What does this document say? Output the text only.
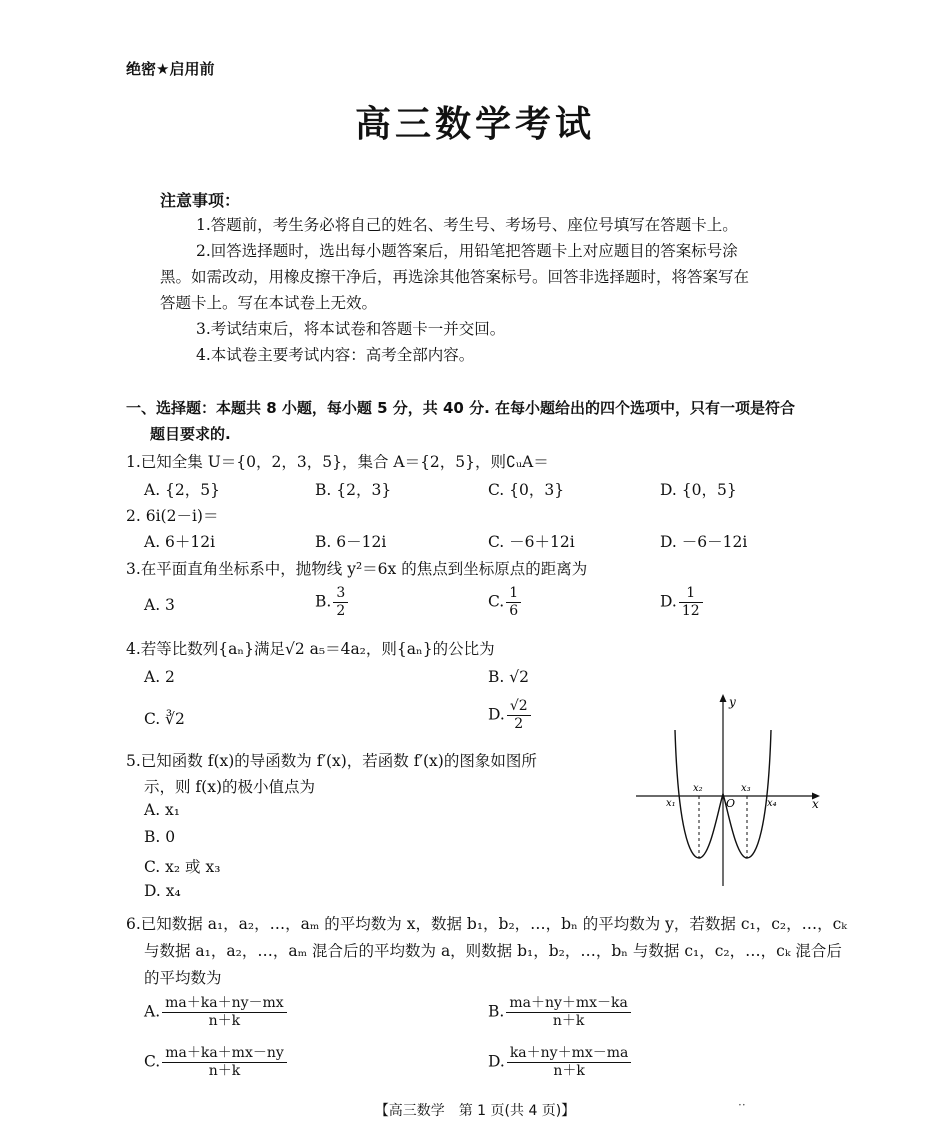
绝密★启用前
高三数学考试
注意事项：
1.答题前，考生务必将自己的姓名、考生号、考场号、座位号填写在答题卡上。
2.回答选择题时，选出每小题答案后，用铅笔把答题卡上对应题目的答案标号涂
黑。如需改动，用橡皮擦干净后，再选涂其他答案标号。回答非选择题时，将答案写在
答题卡上。写在本试卷上无效。
3.考试结束后，将本试卷和答题卡一并交回。
4.本试卷主要考试内容：高考全部内容。
一、选择题：本题共 8 小题，每小题 5 分，共 40 分. 在每小题给出的四个选项中，只有一项是符合
题目要求的.
1.已知全集 U＝{0，2，3，5}，集合 A＝{2，5}，则∁ᵤA＝
A. {2，5}	B. {2，3}	C. {0，3}	D. {0，5}
2. 6i(2－i)＝
A. 6＋12i	B. 6－12i	C. －6＋12i	D. －6－12i
3.在平面直角坐标系中，抛物线 y²＝6x 的焦点到坐标原点的距离为
A. 3	B. $\frac{3}{2}$	C. $\frac{1}{6}$	D. $\frac{1}{12}$
4.若等比数列{aₙ}满足√2 a₅＝4a₂，则{aₙ}的公比为
A. 2	B. √2
C. ∛2	D. $\frac{√2}{2}$
5.已知函数 f(x)的导函数为 f′(x)，若函数 f′(x)的图象如图所
示，则 f(x)的极小值点为
A. x₁
B. 0
C. x₂ 或 x₃
D. x₄
y
x
O
x₁
x₂	x₃
x₄
6.已知数据 a₁，a₂，…，aₘ 的平均数为 x，数据 b₁，b₂，…，bₙ 的平均数为 y，若数据 c₁，c₂，…，cₖ
与数据 a₁，a₂，…，aₘ 混合后的平均数为 a，则数据 b₁，b₂，…，bₙ 与数据 c₁，c₂，…，cₖ 混合后
的平均数为
A. $\frac{ma+ka+ny-mx}{n+k}$	B. $\frac{ma+ny+mx-ka}{n+k}$
C. $\frac{ma+ka+mx-ny}{n+k}$	D. $\frac{ka+ny+mx-ma}{n+k}$
【高三数学　第 1 页(共 4 页)】	··
